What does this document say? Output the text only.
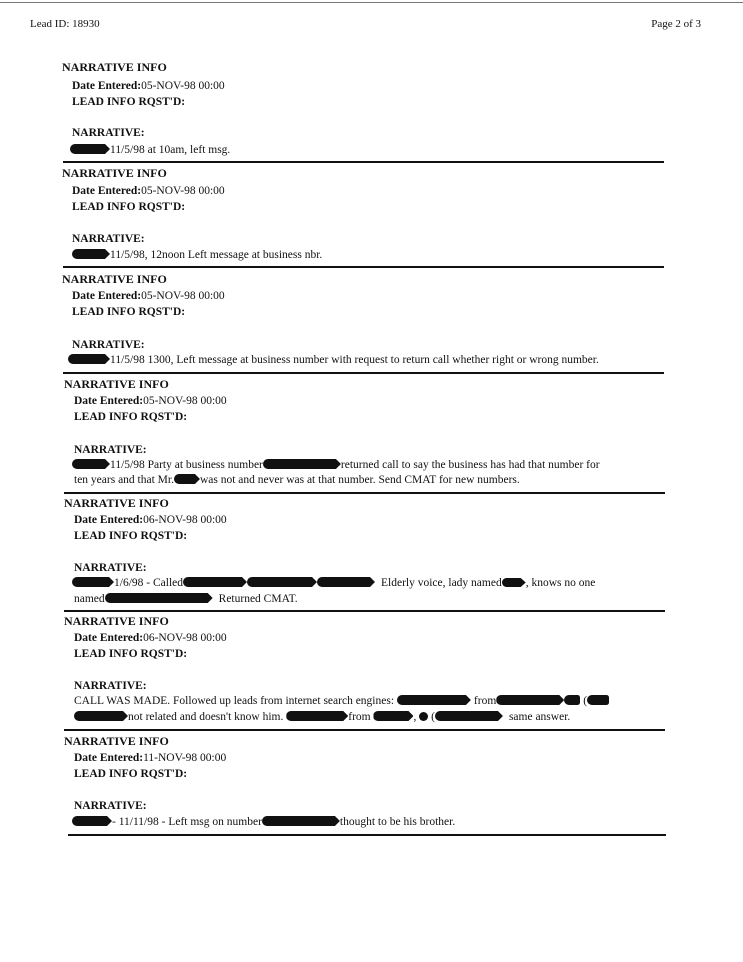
Lead ID: 18930	Page 2 of 3
NARRATIVE INFO
Date Entered:05-NOV-98 00:00
LEAD INFO RQST'D:
NARRATIVE:
11/5/98 at 10am, left msg.
NARRATIVE INFO
Date Entered:05-NOV-98 00:00
LEAD INFO RQST'D:
NARRATIVE:
11/5/98, 12noon Left message at business nbr.
NARRATIVE INFO
Date Entered:05-NOV-98 00:00
LEAD INFO RQST'D:
NARRATIVE:
11/5/98 1300, Left message at business number with request to return call whether right or wrong number.
NARRATIVE INFO
Date Entered:05-NOV-98 00:00
LEAD INFO RQST'D:
NARRATIVE:
11/5/98 Party at business number	returned call to say the business has had that number for
ten years and that Mr. was not and never was at that number. Send CMAT for new numbers.
NARRATIVE INFO
Date Entered:06-NOV-98 00:00
LEAD INFO RQST'D:
NARRATIVE:
1/6/98 - Called	Elderly voice, lady named , knows no one
named	Returned CMAT.
NARRATIVE INFO
Date Entered:06-NOV-98 00:00
LEAD INFO RQST'D:
NARRATIVE:
CALL WAS MADE. Followed up leads from internet search engines:	from	(
not related and doesn't know him.	from	, (	same answer.
NARRATIVE INFO
Date Entered:11-NOV-98 00:00
LEAD INFO RQST'D:
NARRATIVE:
- 11/11/98 - Left msg on number	thought to be his brother.
